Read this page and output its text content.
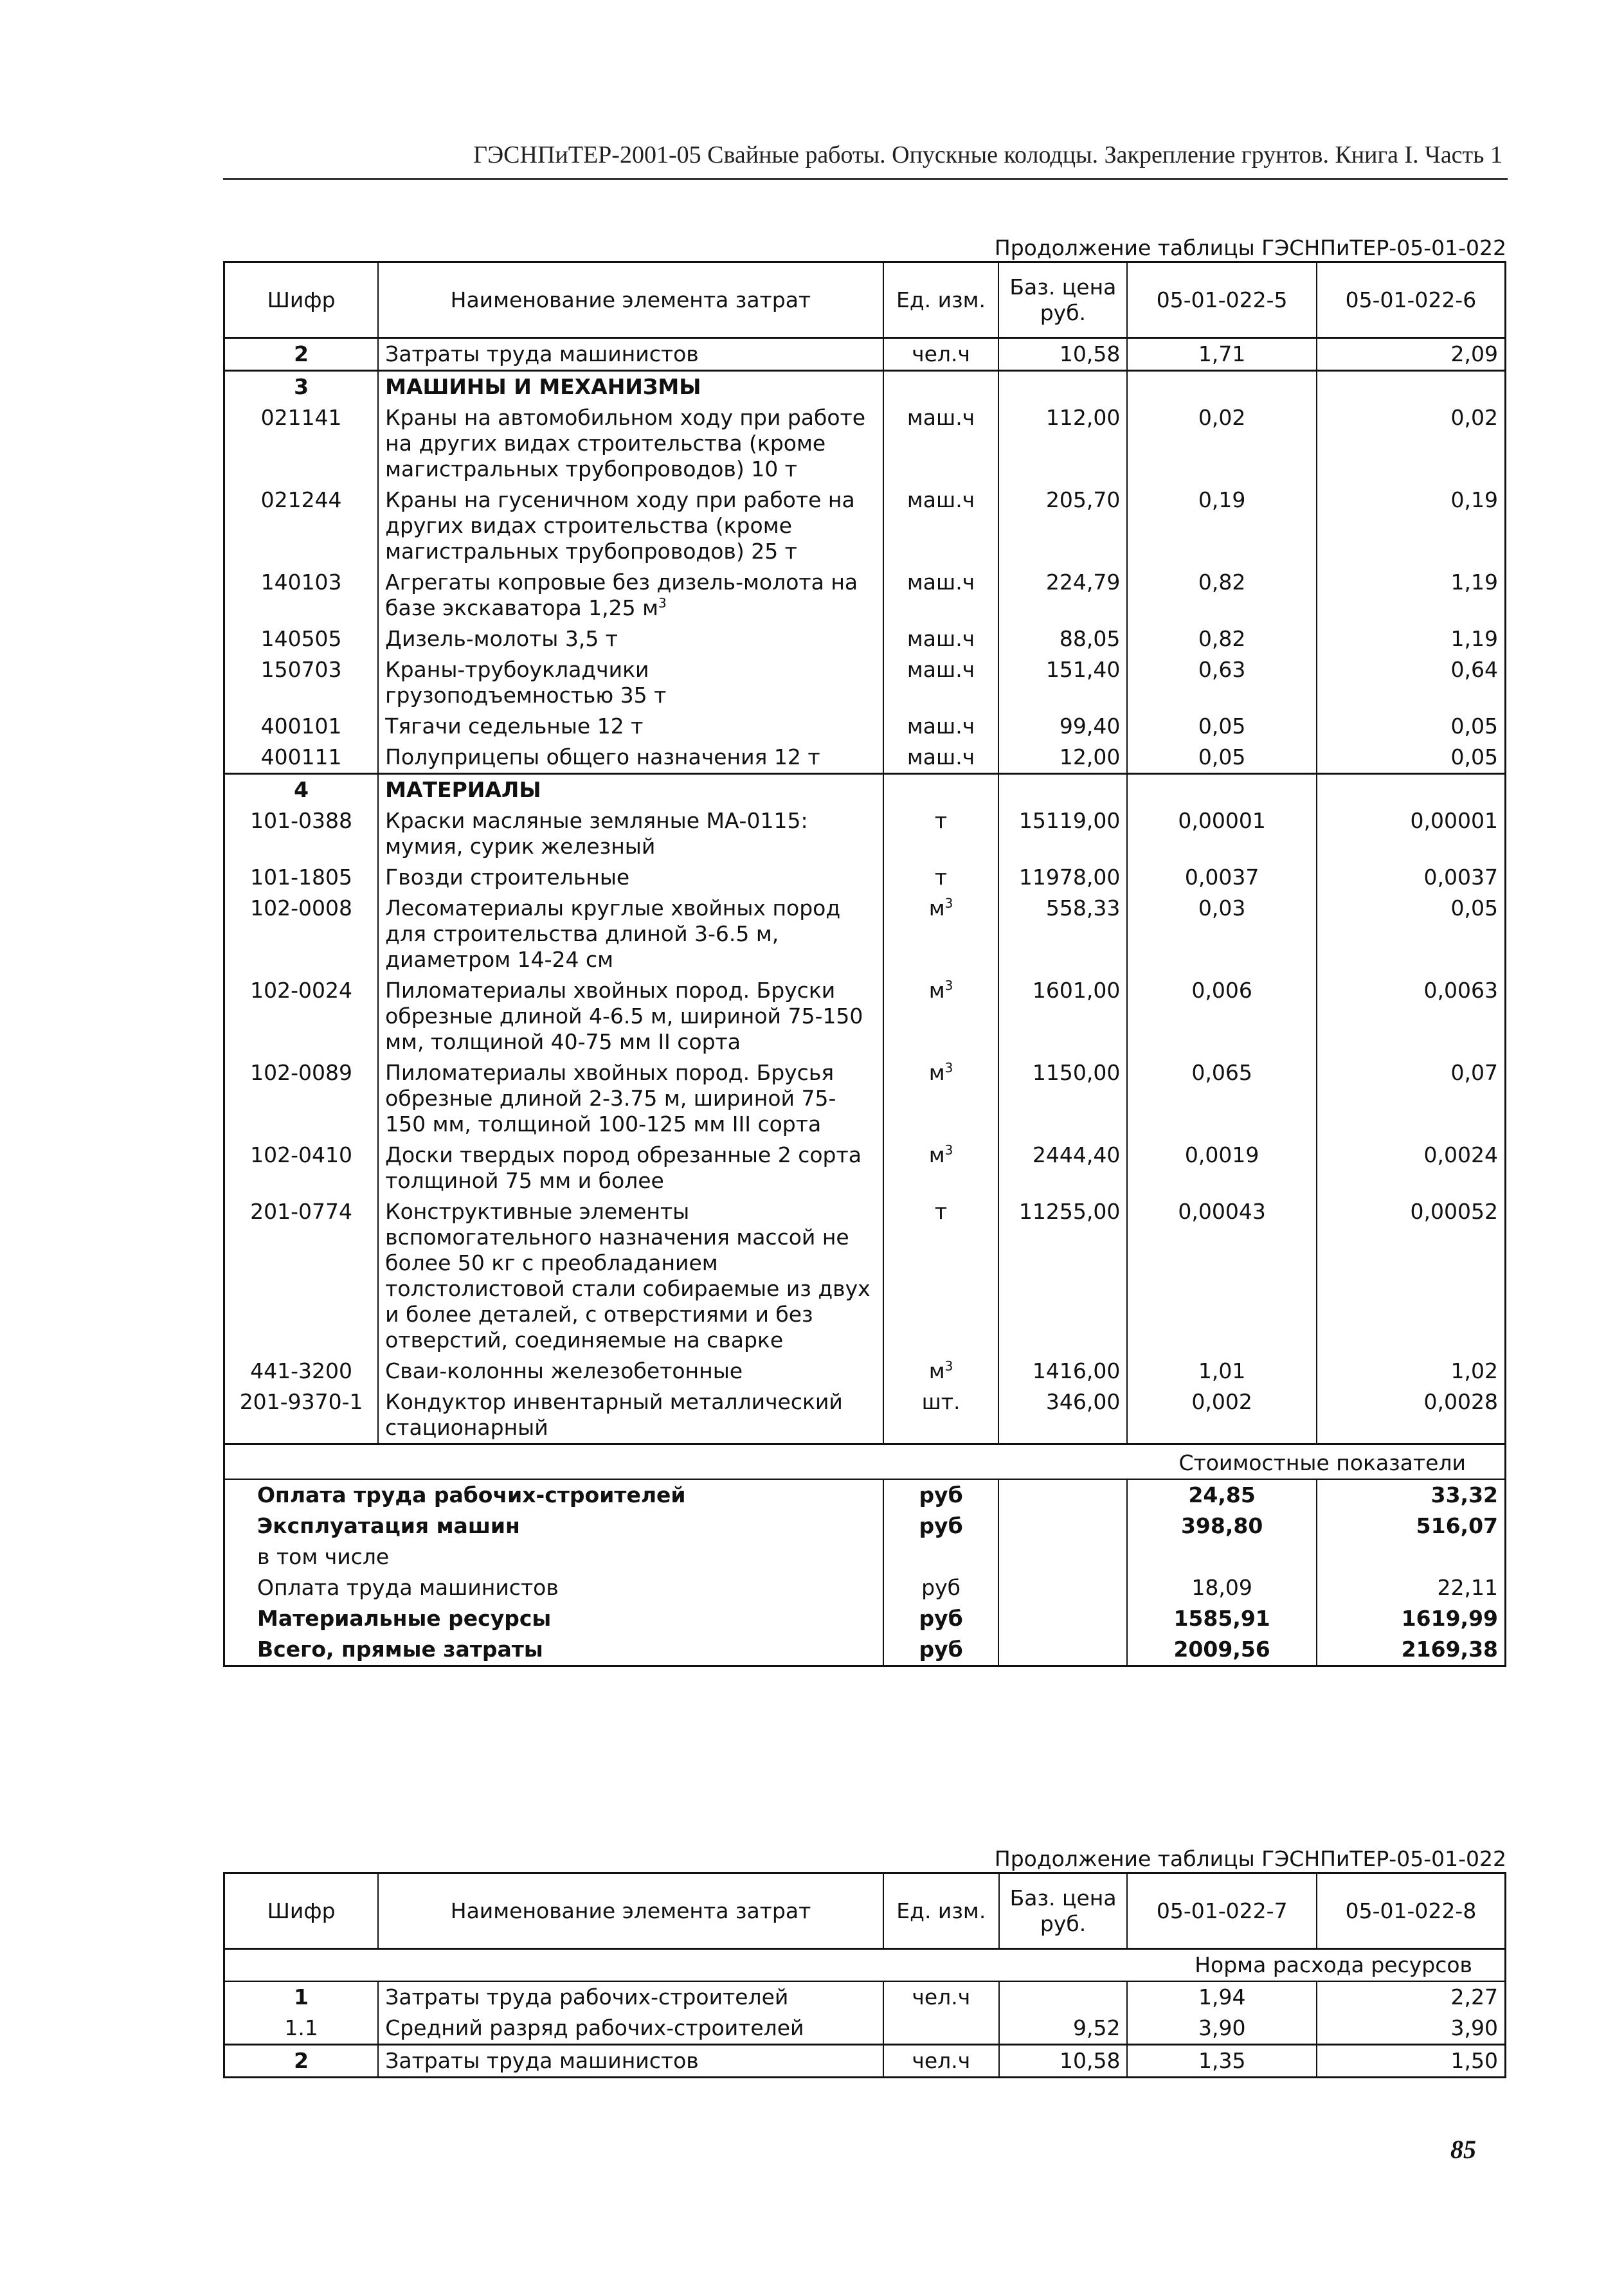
ГЭСНПиТЕР-2001-05 Свайные работы. Опускные колодцы. Закрепление грунтов. Книга I. Часть 1
Продолжение таблицы ГЭСНПиТЕР-05-01-022
Шифр	Наименование элемента затрат	Ед. изм.	Баз. цена руб.	05-01-022-5	05-01-022-6
2	Затраты труда машинистов	чел.ч	10,58	1,71	2,09
3	МАШИНЫ И МЕХАНИЗМЫ				
021141	Краны на автомобильном ходу при работе на других видах строительства (кроме магистральных трубопроводов) 10 т	маш.ч	112,00	0,02	0,02
021244	Краны на гусеничном ходу при работе на других видах строительства (кроме магистральных трубопроводов) 25 т	маш.ч	205,70	0,19	0,19
140103	Агрегаты копровые без дизель-молота на базе экскаватора 1,25 $м^3$	маш.ч	224,79	0,82	1,19
140505	Дизель-молоты 3,5 т	маш.ч	88,05	0,82	1,19
150703	Краны-трубоукладчики грузоподъемностью 35 т	маш.ч	151,40	0,63	0,64
400101	Тягачи седельные 12 т	маш.ч	99,40	0,05	0,05
400111	Полуприцепы общего назначения 12 т	маш.ч	12,00	0,05	0,05
4	МАТЕРИАЛЫ				
101-0388	Краски масляные земляные МА-0115: мумия, сурик железный	т	15119,00	0,00001	0,00001
101-1805	Гвозди строительные	т	11978,00	0,0037	0,0037
102-0008	Лесоматериалы круглые хвойных пород для строительства длиной 3-6.5 м, диаметром 14-24 см	$м^3$	558,33	0,03	0,05
102-0024	Пиломатериалы хвойных пород. Бруски обрезные длиной 4-6.5 м, шириной 75-150 мм, толщиной 40-75 мм II сорта	$м^3$	1601,00	0,006	0,0063
102-0089	Пиломатериалы хвойных пород. Брусья обрезные длиной 2-3.75 м, шириной 75-150 мм, толщиной 100-125 мм III сорта	$м^3$	1150,00	0,065	0,07
102-0410	Доски твердых пород обрезанные 2 сорта толщиной 75 мм и более	$м^3$	2444,40	0,0019	0,0024
201-0774	Конструктивные элементы вспомогательного назначения массой не более 50 кг с преобладанием толстолистовой стали собираемые из двух и более деталей, с отверстиями и без отверстий, соединяемые на сварке	т	11255,00	0,00043	0,00052
441-3200	Сваи-колонны железобетонные	$м^3$	1416,00	1,01	1,02
201-9370-1	Кондуктор инвентарный металлический стационарный	шт.	346,00	0,002	0,0028
Стоимостные показатели					
Оплата труда рабочих-строителей		руб		24,85	33,32
Эксплуатация машин		руб		398,80	516,07
в том числе					
Оплата труда машинистов		руб		18,09	22,11
Материальные ресурсы		руб		1585,91	1619,99
Всего, прямые затраты		руб		2009,56	2169,38
Продолжение таблицы ГЭСНПиТЕР-05-01-022
Шифр	Наименование элемента затрат	Ед. изм.	Баз. цена руб.	05-01-022-7	05-01-022-8
Норма расхода ресурсов					
1	Затраты труда рабочих-строителей	чел.ч		1,94	2,27
1.1	Средний разряд рабочих-строителей		9,52	3,90	3,90
2	Затраты труда машинистов	чел.ч	10,58	1,35	1,50
85
